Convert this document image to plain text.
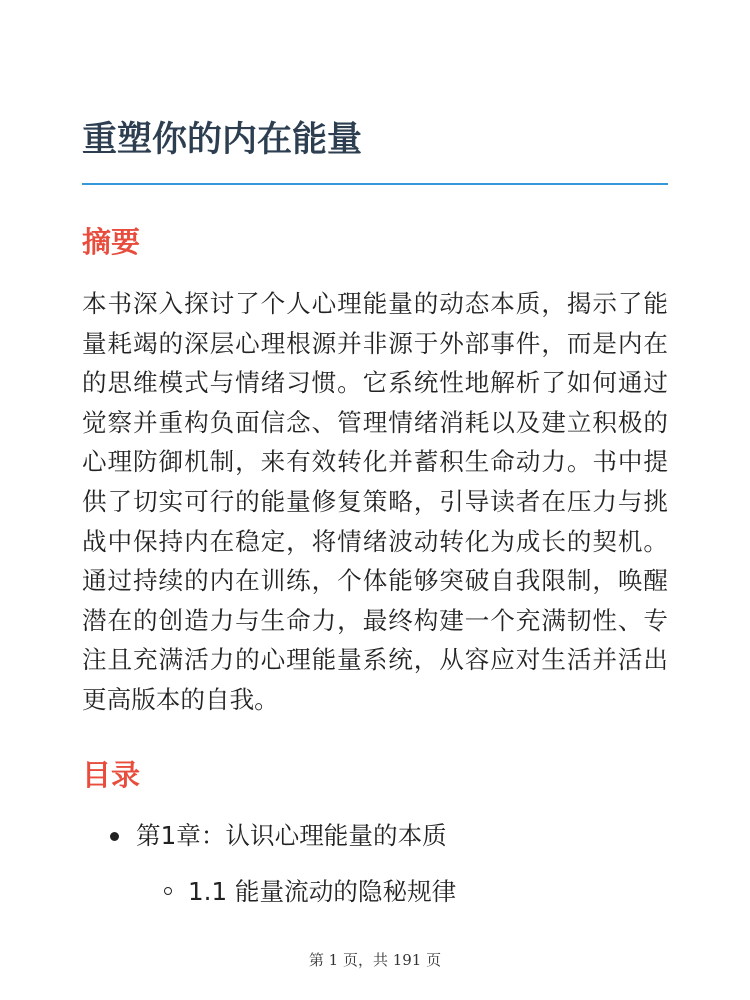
重塑你的内在能量
摘要

本书深入探讨了个人心理能量的动态本质，揭示了能量耗竭的深层心理根源并非源于外部事件，而是内在的思维模式与情绪习惯。它系统性地解析了如何通过觉察并重构负面信念、管理情绪消耗以及建立积极的心理防御机制，来有效转化并蓄积生命动力。书中提供了切实可行的能量修复策略，引导读者在压力与挑战中保持内在稳定，将情绪波动转化为成长的契机。通过持续的内在训练，个体能够突破自我限制，唤醒潜在的创造力与生命力，最终构建一个充满韧性、专注且充满活力的心理能量系统，从容应对生活并活出更高版本的自我。

目录
第1章：认识心理能量的本质
1.1 能量流动的隐秘规律
第 1 页，共 191 页
